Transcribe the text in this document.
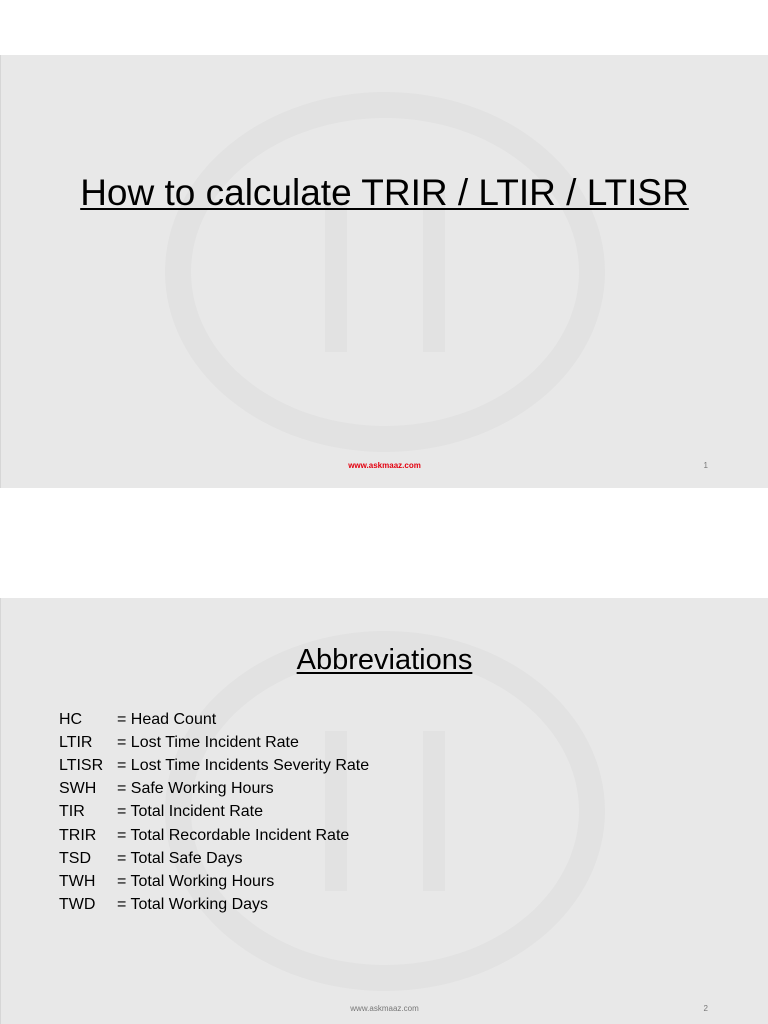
How to calculate TRIR / LTIR / LTISR
www.askmaaz.com	1
Abbreviations
HC	= Head Count
LTIR	= Lost Time Incident Rate
LTISR = Lost Time Incidents Severity Rate
SWH	= Safe Working Hours
TIR	= Total Incident Rate
TRIR	= Total Recordable Incident Rate
TSD	= Total Safe Days
TWH	= Total Working Hours
TWD	= Total Working Days
www.askmaaz.com	2
